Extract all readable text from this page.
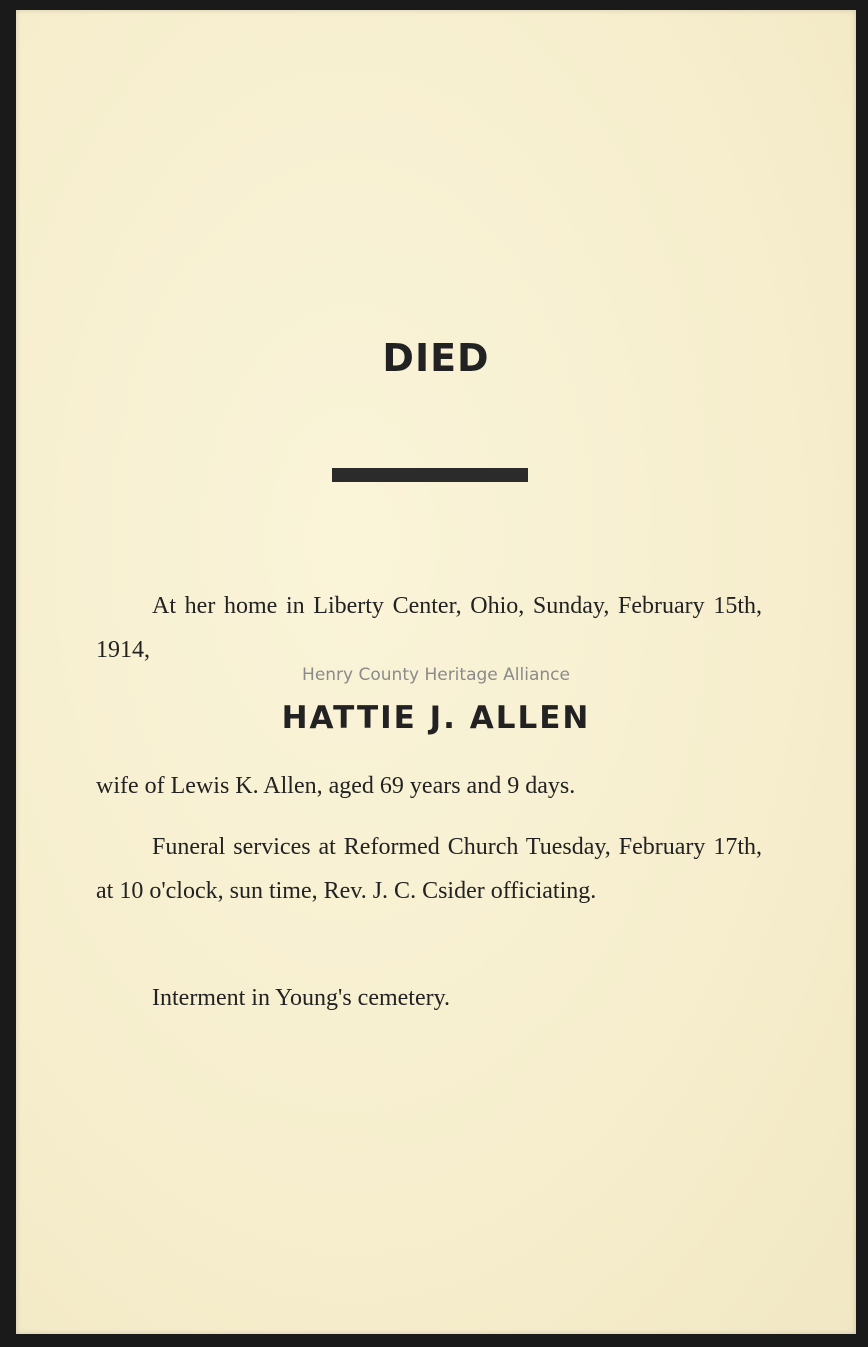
DIED

At her home in Liberty Center, Ohio, Sunday, February 15th, 1914,

Henry County Heritage Alliance

HATTIE J. ALLEN

wife of Lewis K. Allen, aged 69 years and 9 days.

Funeral services at Reformed Church Tuesday, February 17th, at 10 o'clock, sun time, Rev. J. C. Csider officiating.

Interment in Young's cemetery.
